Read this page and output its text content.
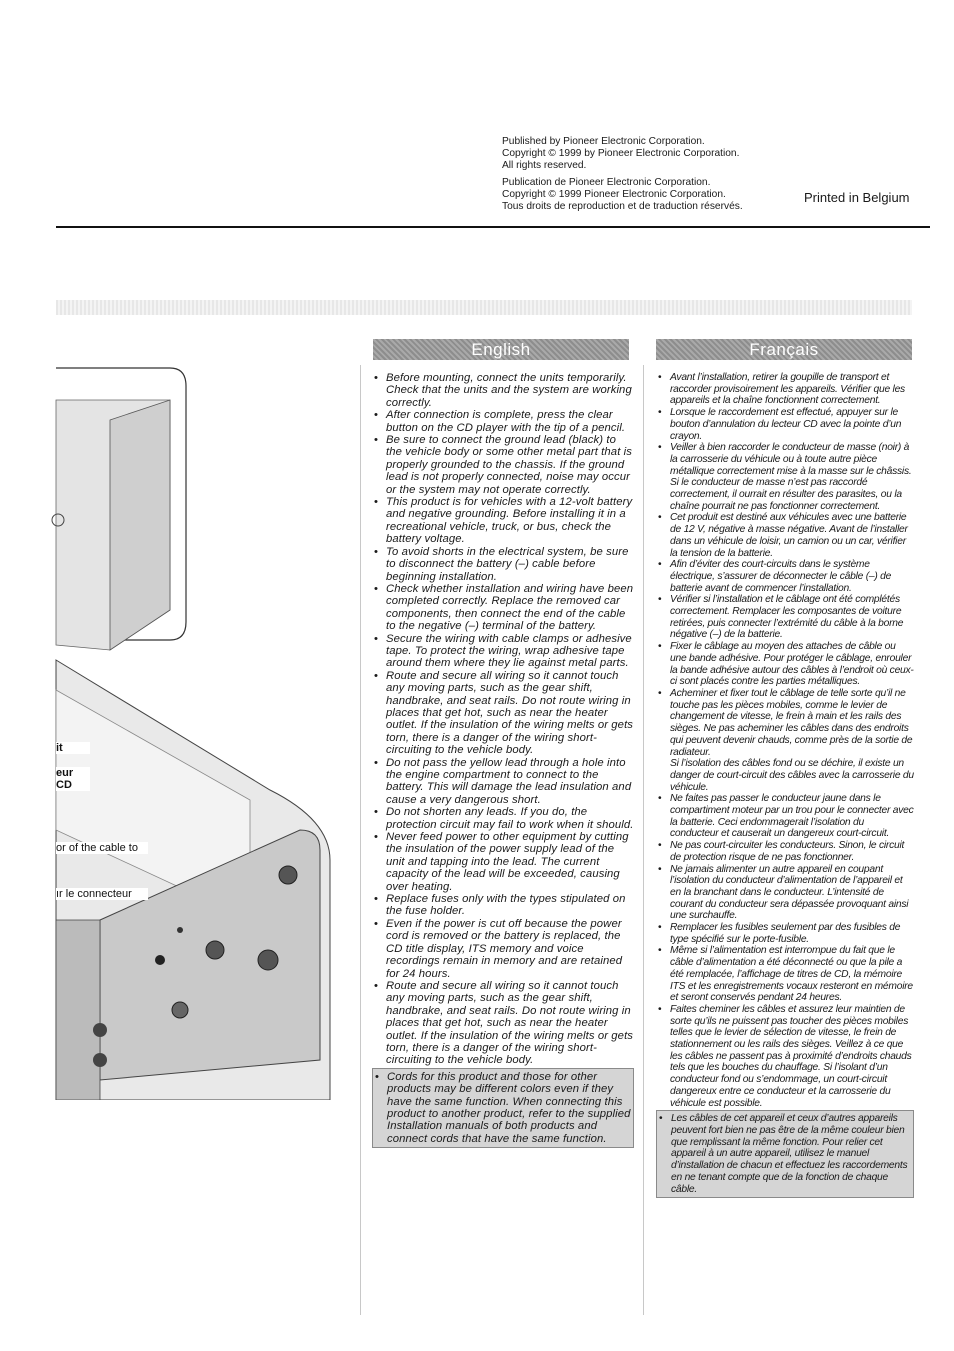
Published by Pioneer Electronic Corporation.
Copyright © 1999 by Pioneer Electronic Corporation.
All rights reserved.

Publication de Pioneer Electronic Corporation.
Copyright © 1999 Pioneer Electronic Corporation.
Tous droits de reproduction et de traduction réservés.

Printed in Belgium
it
eur CD
or of the cable to
ır le connecteur
English	Français
• Before mounting, connect the units temporarily. Check that the units and the system are working correctly.
• After connection is complete, press the clear button on the CD player with the tip of a pencil.
• Be sure to connect the ground lead (black) to the vehicle body or some other metal part that is properly grounded to the chassis. If the ground lead is not properly connected, noise may occur or the system may not operate correctly.
• This product is for vehicles with a 12-volt battery and negative grounding. Before installing it in a recreational vehicle, truck, or bus, check the battery voltage.
• To avoid shorts in the electrical system, be sure to disconnect the battery (–) cable before beginning installation.
• Check whether installation and wiring have been completed correctly. Replace the removed car components, then connect the end of the cable to the negative (–) terminal of the battery.
• Secure the wiring with cable clamps or adhesive tape. To protect the wiring, wrap adhesive tape around them where they lie against metal parts.
• Route and secure all wiring so it cannot touch any moving parts, such as the gear shift, handbrake, and seat rails. Do not route wiring in places that get hot, such as near the heater outlet. If the insulation of the wiring melts or gets torn, there is a danger of the wiring short-circuiting to the vehicle body.
• Do not pass the yellow lead through a hole into the engine compartment to connect to the battery. This will damage the lead insulation and cause a very dangerous short.
• Do not shorten any leads. If you do, the protection circuit may fail to work when it should.
• Never feed power to other equipment by cutting the insulation of the power supply lead of the unit and tapping into the lead. The current capacity of the lead will be exceeded, causing over heating.
• Replace fuses only with the types stipulated on the fuse holder.
• Even if the power is cut off because the power cord is removed or the battery is replaced, the CD title display, ITS memory and voice recordings remain in memory and are retained for 24 hours.
• Route and secure all wiring so it cannot touch any moving parts, such as the gear shift, handbrake, and seat rails. Do not route wiring in places that get hot, such as near the heater outlet. If the insulation of the wiring melts or gets torn, there is a danger of the wiring short-circuiting to the vehicle body.
• Cords for this product and those for other products may be different colors even if they have the same function. When connecting this product to another product, refer to the supplied Installation manuals of both products and connect cords that have the same function.
• Avant l’installation, retirer la goupille de transport et raccorder provisoirement les appareils. Vérifier que les appareils et la chaîne fonctionnent correctement.
• Lorsque le raccordement est effectué, appuyer sur le bouton d’annulation du lecteur CD avec la pointe d’un crayon.
• Veiller à bien raccorder le conducteur de masse (noir) à la carrosserie du véhicule ou à toute autre pièce métallique correctement mise à la masse sur le châssis. Si le conducteur de masse n’est pas raccordé correctement, il ourrait en résulter des parasites, ou la chaîne pourrait ne pas fonctionner correctement.
• Cet produit est destiné aux véhicules avec une batterie de 12 V, négative à masse négative. Avant de l’installer dans un véhicule de loisir, un camion ou un car, vérifier la tension de la batterie.
• Afin d’éviter des court-circuits dans le système électrique, s’assurer de déconnecter le câble (–) de batterie avant de commencer l’installation.
• Vérifier si l’installation et le câblage ont été complétés correctement. Remplacer les composantes de voiture retirées, puis connecter l’extrémité du câble à la borne négative (–) de la batterie.
• Fixer le câblage au moyen des attaches de câble ou une bande adhésive. Pour protéger le câblage, enrouler la bande adhésive autour des câbles à l’endroit où ceux-ci sont placés contre les parties métalliques.
• Acheminer et fixer tout le câblage de telle sorte qu’il ne touche pas les pièces mobiles, comme le levier de changement de vitesse, le frein à main et les rails des sièges. Ne pas acheminer les câbles dans des endroits qui peuvent devenir chauds, comme près de la sortie de radiateur.
Si l’isolation des câbles fond ou se déchire, il existe un danger de court-circuit des câbles avec la carrosserie du véhicule.
• Ne faites pas passer le conducteur jaune dans le compartiment moteur par un trou pour le connecter avec la batterie. Ceci endommagerait l’isolation du conducteur et causerait un dangereux court-circuit.
• Ne pas court-circuiter les conducteurs. Sinon, le circuit de protection risque de ne pas fonctionner.
• Ne jamais alimenter un autre appareil en coupant l’isolation du conducteur d’alimentation de l’appareil et en la branchant dans le conducteur. L’intensité de courant du conducteur sera dépassée provoquant ainsi une surchauffe.
• Remplacer les fusibles seulement par des fusibles de type spécifié sur le porte-fusible.
• Même si l’alimentation est interrompue du fait que le câble d’alimentation a été déconnecté ou que la pile a été remplacée, l’affichage de titres de CD, la mémoire ITS et les enregistrements vocaux resteront en mémoire et seront conservés pendant 24 heures.
• Faites cheminer les câbles et assurez leur maintien de sorte qu’ils ne puissent pas toucher des pièces mobiles telles que le levier de sélection de vitesse, le frein de stationnement ou les rails des sièges. Veillez à ce que les câbles ne passent pas à proximité d’endroits chauds tels que les bouches du chauffage. Si l’isolant d’un conducteur fond ou s’endommage, un court-circuit dangereux entre ce conducteur et la carrosserie du véhicule est possible.
• Les câbles de cet appareil et ceux d’autres appareils peuvent fort bien ne pas être de la même couleur bien que remplissant la même fonction. Pour relier cet appareil à un autre appareil, utilisez le manuel d’installation de chacun et effectuez les raccordements en ne tenant compte que de la fonction de chaque câble.
